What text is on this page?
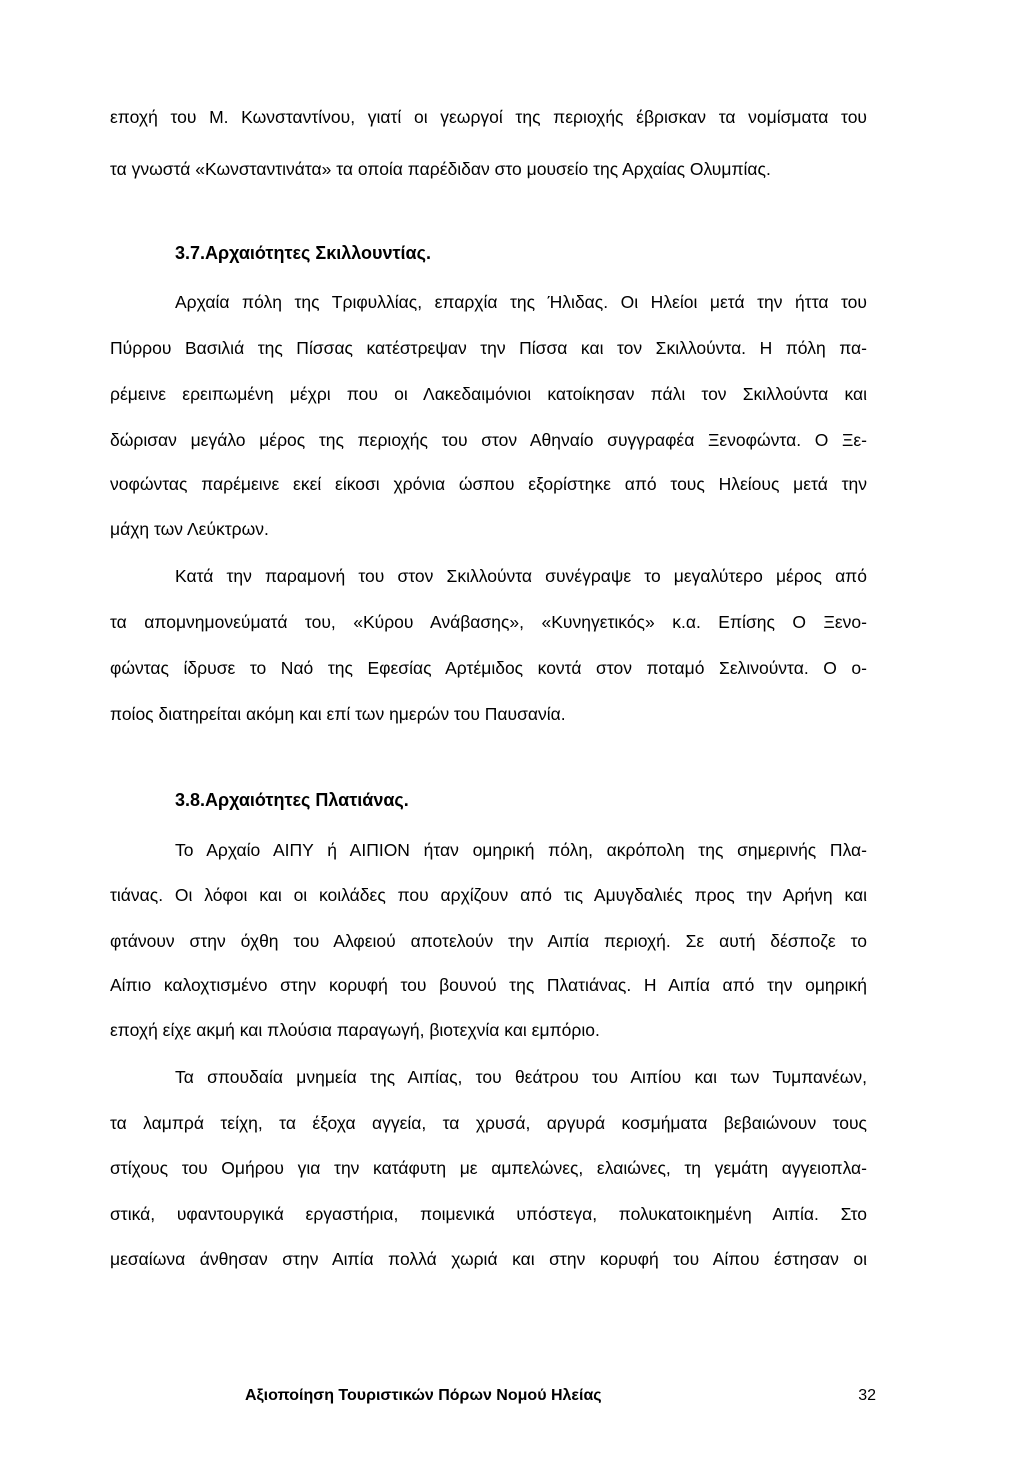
εποχή του Μ. Κωνσταντίνου, γιατί οι γεωργοί της περιοχής έβρισκαν τα νομίσματα του
τα γνωστά «Κωνσταντινάτα» τα οποία παρέδιδαν στο μουσείο της Αρχαίας Ολυμπίας.
3.7.Αρχαιότητες Σκιλλουντίας.
Αρχαία πόλη της Τριφυλλίας, επαρχία της Ήλιδας. Οι Ηλείοι μετά την ήττα του
Πύρρου Βασιλιά της Πίσσας κατέστρεψαν την Πίσσα και τον Σκιλλούντα. Η πόλη πα-
ρέμεινε ερειπωμένη μέχρι που οι Λακεδαιμόνιοι κατοίκησαν πάλι τον Σκιλλούντα και
δώρισαν μεγάλο μέρος της περιοχής του στον Αθηναίο συγγραφέα Ξενοφώντα. Ο Ξε-
νοφώντας παρέμεινε εκεί είκοσι χρόνια ώσπου εξορίστηκε από τους Ηλείους μετά την
μάχη των Λεύκτρων.
Κατά την παραμονή του στον Σκιλλούντα συνέγραψε το μεγαλύτερο μέρος από
τα απομνημονεύματά του, «Κύρου Ανάβασης», «Κυνηγετικός» κ.α. Επίσης Ο Ξενο-
φώντας ίδρυσε το Ναό της Εφεσίας Αρτέμιδος κοντά στον ποταμό Σελινούντα. Ο ο-
ποίος διατηρείται ακόμη και επί των ημερών του Παυσανία.
3.8.Αρχαιότητες Πλατιάνας.
Το Αρχαίο ΑΙΠΥ ή ΑΙΠΙΟΝ ήταν ομηρική πόλη, ακρόπολη της σημερινής Πλα-
τιάνας. Οι λόφοι και οι κοιλάδες που αρχίζουν από τις Αμυγδαλιές προς την Αρήνη και
φτάνουν στην όχθη του Αλφειού αποτελούν την Αιπία περιοχή. Σε αυτή δέσποζε το
Αίπιο καλοχτισμένο στην κορυφή του βουνού της Πλατιάνας. Η Αιπία από την ομηρική
εποχή είχε ακμή και πλούσια παραγωγή, βιοτεχνία και εμπόριο.
Τα σπουδαία μνημεία της Αιπίας, του θεάτρου του Αιπίου και των Τυμπανέων,
τα λαμπρά τείχη, τα έξοχα αγγεία, τα χρυσά, αργυρά κοσμήματα βεβαιώνουν τους
στίχους του Ομήρου για την κατάφυτη με αμπελώνες, ελαιώνες, τη γεμάτη αγγειοπλα-
στικά, υφαντουργικά εργαστήρια, ποιμενικά υπόστεγα, πολυκατοικημένη Αιπία. Στο
μεσαίωνα άνθησαν στην Αιπία πολλά χωριά και στην κορυφή του Αίπου έστησαν οι
Αξιοποίηση Τουριστικών Πόρων Νομού Ηλείας	32
